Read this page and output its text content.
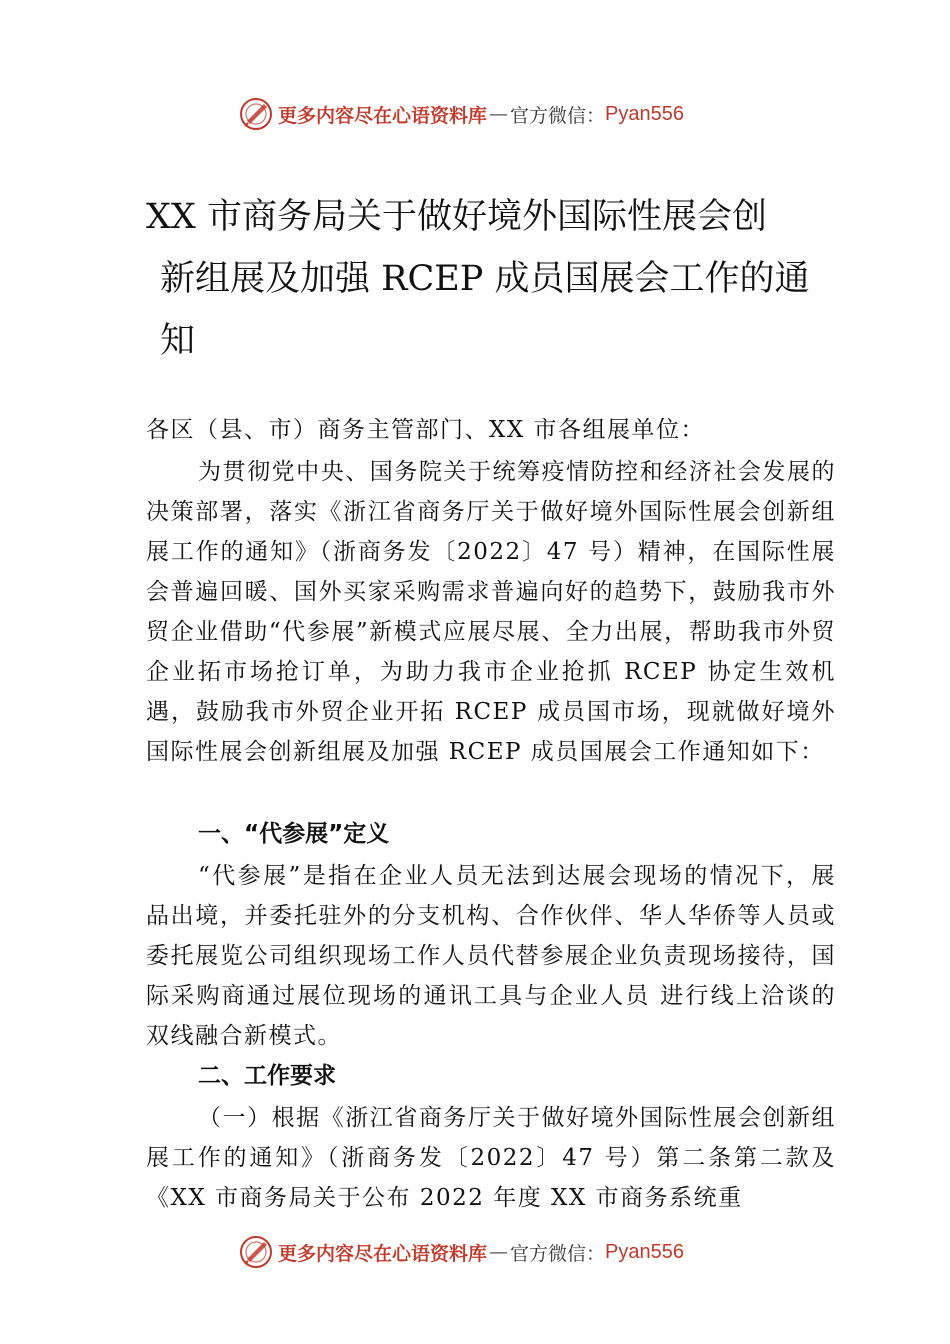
更多内容尽在心语资料库 — 官方微信： Pyan556
XX 市商务局关于做好境外国际性展会创
新组展及加强 RCEP 成员国展会工作的通
知
各区（县、市）商务主管部门、XX 市各组展单位：
为贯彻党中央、国务院关于统筹疫情防控和经济社会发展的决策部署，落实《浙江省商务厅关于做好境外国际性展会创新组展工作的通知》（浙商务发〔2022〕47 号）精神，在国际性展会普遍回暖、国外买家采购需求普遍向好的趋势下，鼓励我市外贸企业借助“代参展”新模式应展尽展、全力出展，帮助我市外贸企业拓市场抢订单，为助力我市企业抢抓 RCEP 协定生效机遇，鼓励我市外贸企业开拓 RCEP 成员国市场，现就做好境外国际性展会创新组展及加强 RCEP 成员国展会工作通知如下：
一、“代参展”定义
“代参展”是指在企业人员无法到达展会现场的情况下，展品出境，并委托驻外的分支机构、合作伙伴、华人华侨等人员或委托展览公司组织现场工作人员代替参展企业负责现场接待，国际采购商通过展位现场的通讯工具与企业人员 进行线上洽谈的双线融合新模式。
二、工作要求
（一）根据《浙江省商务厅关于做好境外国际性展会创新组展工作的通知》（浙商务发〔2022〕47 号）第二条第二款及《XX 市商务局关于公布 2022 年度 XX 市商务系统重
更多内容尽在心语资料库 — 官方微信： Pyan556
